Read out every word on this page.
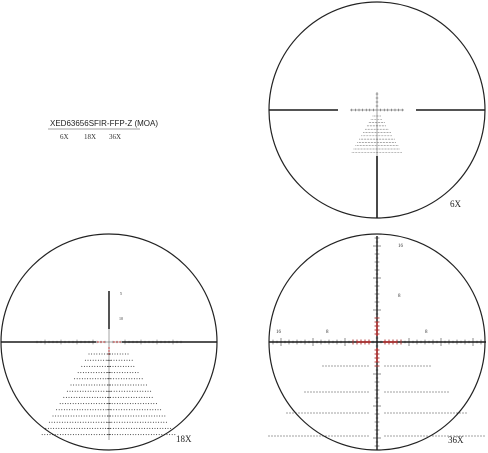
XED63656SFIR-FFP-Z (MOA)
6X 18X 36X
6X
5
10
18X
16
8
8	8
16
36X
